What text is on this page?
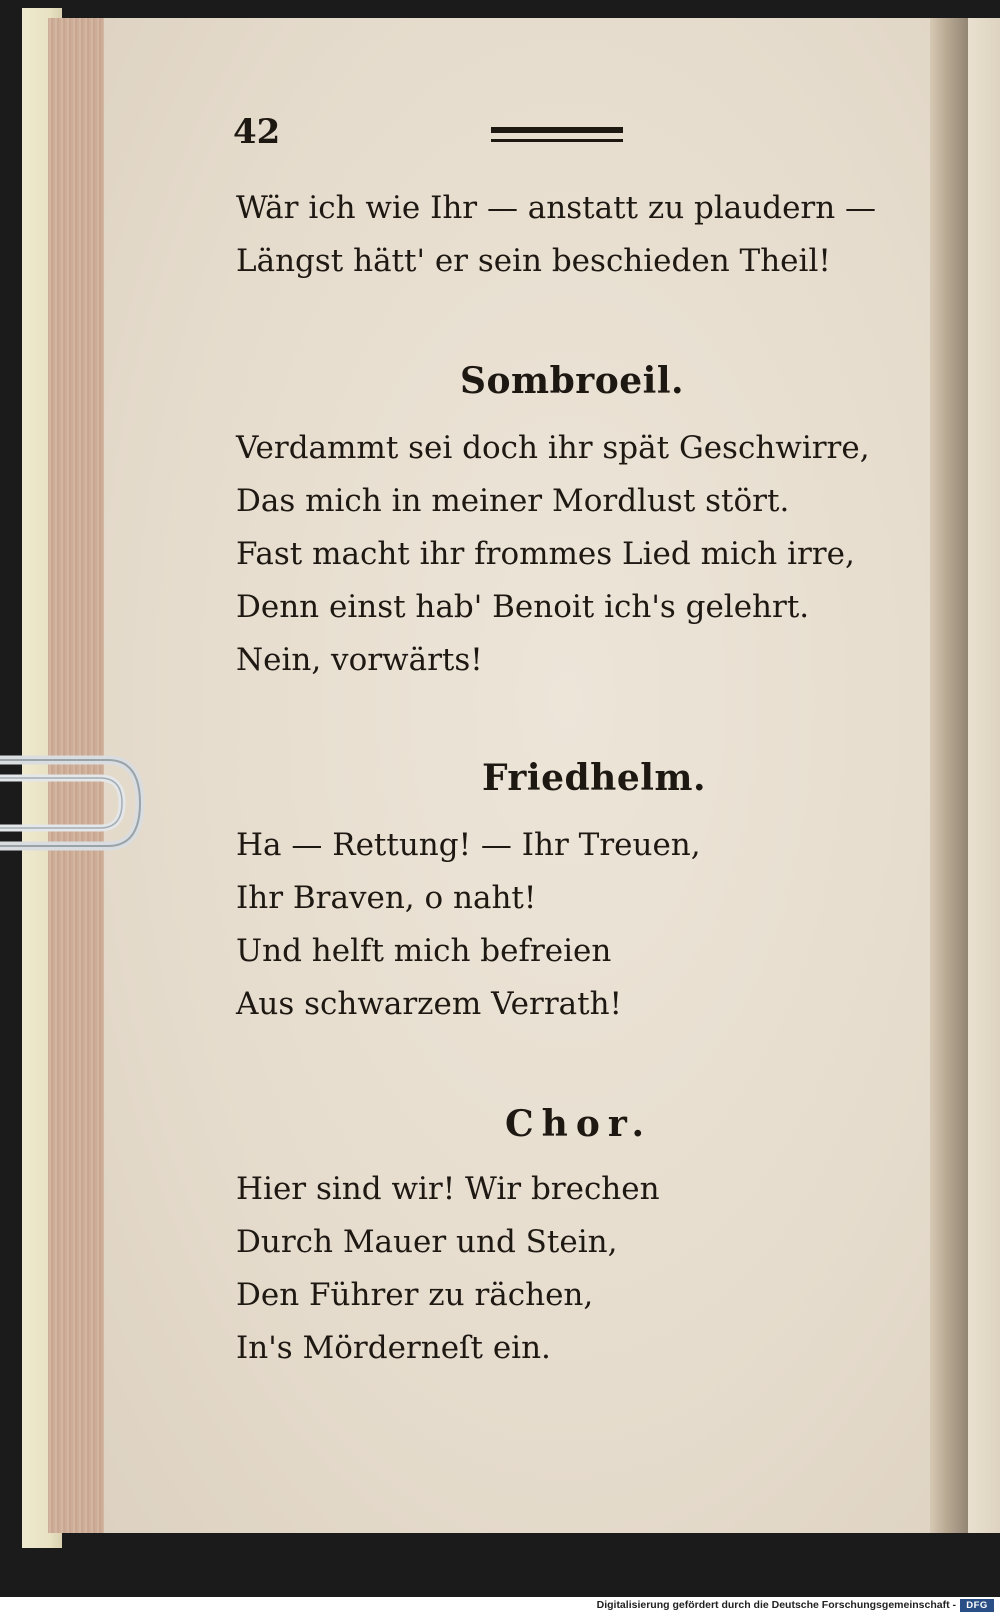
42
Wär ich wie Ihr — anstatt zu plaudern —
Längst hätt' er sein beschieden Theil!
Sombroeil.
Verdammt sei doch ihr spät Geschwirre,
Das mich in meiner Mordlust stört.
Fast macht ihr frommes Lied mich irre,
Denn einst hab' Benoit ich's gelehrt.
Nein, vorwärts!
Friedhelm.
Ha — Rettung! — Ihr Treuen,
Ihr Braven, o naht!
Und helft mich befreien
Aus schwarzem Verrath!
Chor.
Hier sind wir! Wir brechen
Durch Mauer und Stein,
Den Führer zu rächen,
In's Mörderneſt ein.
Digitalisierung gefördert durch die Deutsche Forschungsgemeinschaft -	DFG
